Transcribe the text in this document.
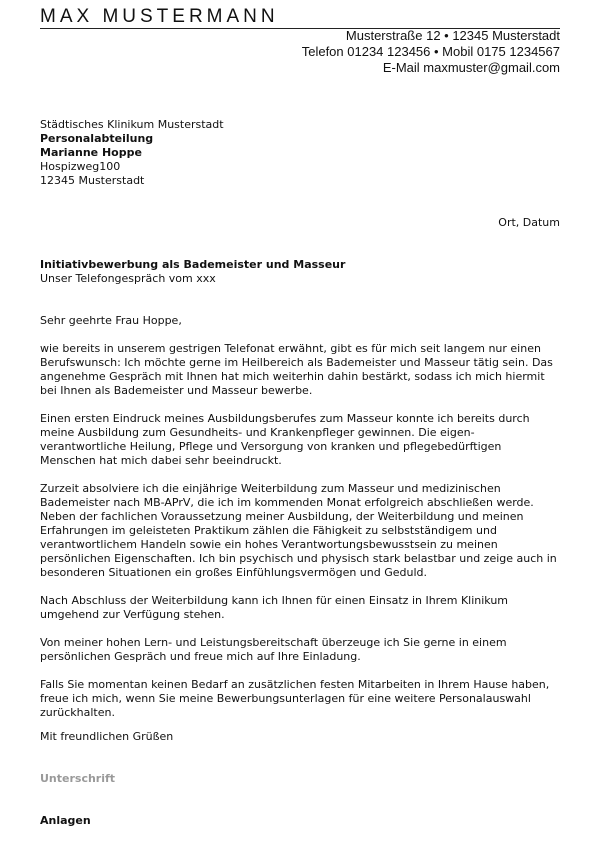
MAX MUSTERMANN
Musterstraße 12 • 12345 Musterstadt
Telefon 01234 123456 • Mobil 0175 1234567
E-Mail maxmuster@gmail.com
Städtisches Klinikum Musterstadt
Personalabteilung
Marianne Hoppe
Hospizweg100
12345 Musterstadt
Ort, Datum
Initiativbewerbung als Bademeister und Masseur
Unser Telefongespräch vom xxx
Sehr geehrte Frau Hoppe,

wie bereits in unserem gestrigen Telefonat erwähnt, gibt es für mich seit langem nur einen Berufswunsch: Ich möchte gerne im Heilbereich als Bademeister und Masseur tätig sein. Das angenehme Gespräch mit Ihnen hat mich weiterhin dahin bestärkt, sodass ich mich hiermit bei Ihnen als Bademeister und Masseur bewerbe.

Einen ersten Eindruck meines Ausbildungsberufes zum Masseur konnte ich bereits durch meine Ausbildung zum Gesundheits- und Krankenpfleger gewinnen. Die eigen-verantwortliche Heilung, Pflege und Versorgung von kranken und pflegebedürftigen Menschen hat mich dabei sehr beeindruckt.

Zurzeit absolviere ich die einjährige Weiterbildung zum Masseur und medizinischen Bademeister nach MB-APrV, die ich im kommenden Monat erfolgreich abschließen werde. Neben der fachlichen Voraussetzung meiner Ausbildung, der Weiterbildung und meinen Erfahrungen im geleisteten Praktikum zählen die Fähigkeit zu selbstständigem und verantwortlichem Handeln sowie ein hohes Verantwortungsbewusstsein zu meinen persönlichen Eigenschaften. Ich bin psychisch und physisch stark belastbar und zeige auch in besonderen Situationen ein großes Einfühlungsvermögen und Geduld.

Nach Abschluss der Weiterbildung kann ich Ihnen für einen Einsatz in Ihrem Klinikum umgehend zur Verfügung stehen.

Von meiner hohen Lern- und Leistungsbereitschaft überzeuge ich Sie gerne in einem persönlichen Gespräch und freue mich auf Ihre Einladung.

Falls Sie momentan keinen Bedarf an zusätzlichen festen Mitarbeiten in Ihrem Hause haben, freue ich mich, wenn Sie meine Bewerbungsunterlagen für eine weitere Personalauswahl zurückhalten.

Mit freundlichen Grüßen
Unterschrift
Anlagen
